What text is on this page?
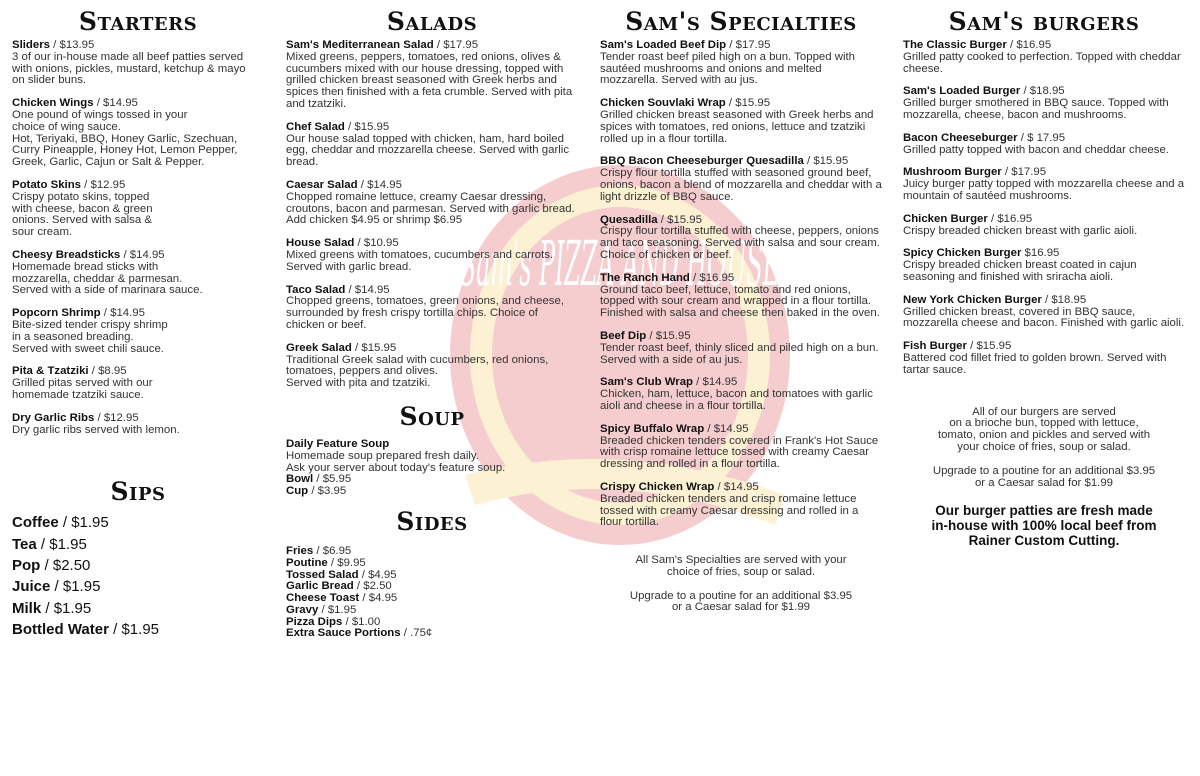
Sam's PIZZA AND HOUSE
Starters
Sliders / $13.95
3 of our in-house made all beef patties served with onions, pickles, mustard, ketchup & mayo
on slider buns.
Chicken Wings / $14.95
One pound of wings tossed in your
choice of wing sauce.
Hot, Teriyaki, BBQ, Honey Garlic, Szechuan, Curry Pineapple, Honey Hot, Lemon Pepper, Greek, Garlic, Cajun or Salt & Pepper.
Potato Skins / $12.95
Crispy potato skins, topped
with cheese, bacon & green
onions. Served with salsa &
sour cream.
Cheesy Breadsticks / $14.95
Homemade bread sticks with
mozzarella, cheddar & parmesan.
Served with a side of marinara sauce.
Popcorn Shrimp / $14.95
Bite-sized tender crispy shrimp
in a seasoned breading.
Served with sweet chili sauce.
Pita & Tzatziki / $8.95
Grilled pitas served with our
homemade tzatziki sauce.
Dry Garlic Ribs / $12.95
Dry garlic ribs served with lemon.
Sips
Coffee / $1.95
Tea / $1.95
Pop / $2.50
Juice / $1.95
Milk / $1.95
Bottled Water / $1.95
Salads
Sam's Mediterranean Salad / $17.95
Mixed greens, peppers, tomatoes, red onions, olives & cucumbers mixed with our house dressing, topped with grilled chicken breast seasoned with Greek herbs and spices then finished with a feta crumble. Served with pita and tzatziki.
Chef Salad / $15.95
Our house salad topped with chicken, ham, hard boiled egg, cheddar and mozzarella cheese. Served with garlic bread.
Caesar Salad / $14.95
Chopped romaine lettuce, creamy Caesar dressing, croutons, bacon and parmesan. Served with garlic bread. Add chicken $4.95 or shrimp $6.95
House Salad / $10.95
Mixed greens with tomatoes, cucumbers and carrots. Served with garlic bread.
Taco Salad / $14.95
Chopped greens, tomatoes, green onions, and cheese, surrounded by fresh crispy tortilla chips. Choice of chicken or beef.
Greek Salad / $15.95
Traditional Greek salad with cucumbers, red onions, tomatoes, peppers and olives.
Served with pita and tzatziki.
Soup
Daily Feature Soup
Homemade soup prepared fresh daily.
Ask your server about today's feature soup.
Bowl / $5.95
Cup / $3.95
Sides
Fries / $6.95
Poutine / $9.95
Tossed Salad / $4.95
Garlic Bread / $2.50
Cheese Toast / $4.95
Gravy / $1.95
Pizza Dips / $1.00
Extra Sauce Portions / .75¢
Sam's Specialties
Sam's Loaded Beef Dip / $17.95
Tender roast beef piled high on a bun. Topped with sautéed mushrooms and onions and melted mozzarella. Served with au jus.
Chicken Souvlaki Wrap / $15.95
Grilled chicken breast seasoned with Greek herbs and spices with tomatoes, red onions, lettuce and tzatziki rolled up in a flour tortilla.
BBQ Bacon Cheeseburger Quesadilla / $15.95
Crispy flour tortilla stuffed with seasoned ground beef, onions, bacon a blend of mozzarella and cheddar with a light drizzle of BBQ sauce.
Quesadilla / $15.95
Crispy flour tortilla stuffed with cheese, peppers, onions and taco seasoning. Served with salsa and sour cream. Choice of chicken or beef.
The Ranch Hand / $16.95
Ground taco beef, lettuce, tomato and red onions, topped with sour cream and wrapped in a flour tortilla. Finished with salsa and cheese then baked in the oven.
Beef Dip / $15.95
Tender roast beef, thinly sliced and piled high on a bun. Served with a side of au jus.
Sam's Club Wrap / $14.95
Chicken, ham, lettuce, bacon and tomatoes with garlic aioli and cheese in a flour tortilla.
Spicy Buffalo Wrap / $14.95
Breaded chicken tenders covered in Frank's Hot Sauce with crisp romaine lettuce tossed with creamy Caesar dressing and rolled in a flour tortilla.
Crispy Chicken Wrap / $14.95
Breaded chicken tenders and crisp romaine lettuce tossed with creamy Caesar dressing and rolled in a flour tortilla.
All Sam's Specialties are served with your
choice of fries, soup or salad.
Upgrade to a poutine for an additional $3.95
or a Caesar salad for $1.99
Sam's burgers
The Classic Burger / $16.95
Grilled patty cooked to perfection. Topped with cheddar cheese.
Sam's Loaded Burger / $18.95
Grilled burger smothered in BBQ sauce. Topped with mozzarella, cheese, bacon and mushrooms.
Bacon Cheeseburger / $ 17.95
Grilled patty topped with bacon and cheddar cheese.
Mushroom Burger / $17.95
Juicy burger patty topped with mozzarella cheese and a mountain of sautéed mushrooms.
Chicken Burger / $16.95
Crispy breaded chicken breast with garlic aioli.
Spicy Chicken Burger $16.95
Crispy breaded chicken breast coated in cajun seasoning and finished with sriracha aioli.
New York Chicken Burger / $18.95
Grilled chicken breast, covered in BBQ sauce, mozzarella cheese and bacon. Finished with garlic aioli.
Fish Burger / $15.95
Battered cod fillet fried to golden brown. Served with tartar sauce.
All of our burgers are served
on a brioche bun, topped with lettuce,
tomato, onion and pickles and served with
your choice of fries, soup or salad.
Upgrade to a poutine for an additional $3.95
or a Caesar salad for $1.99
Our burger patties are fresh made
in-house with 100% local beef from
Rainer Custom Cutting.
